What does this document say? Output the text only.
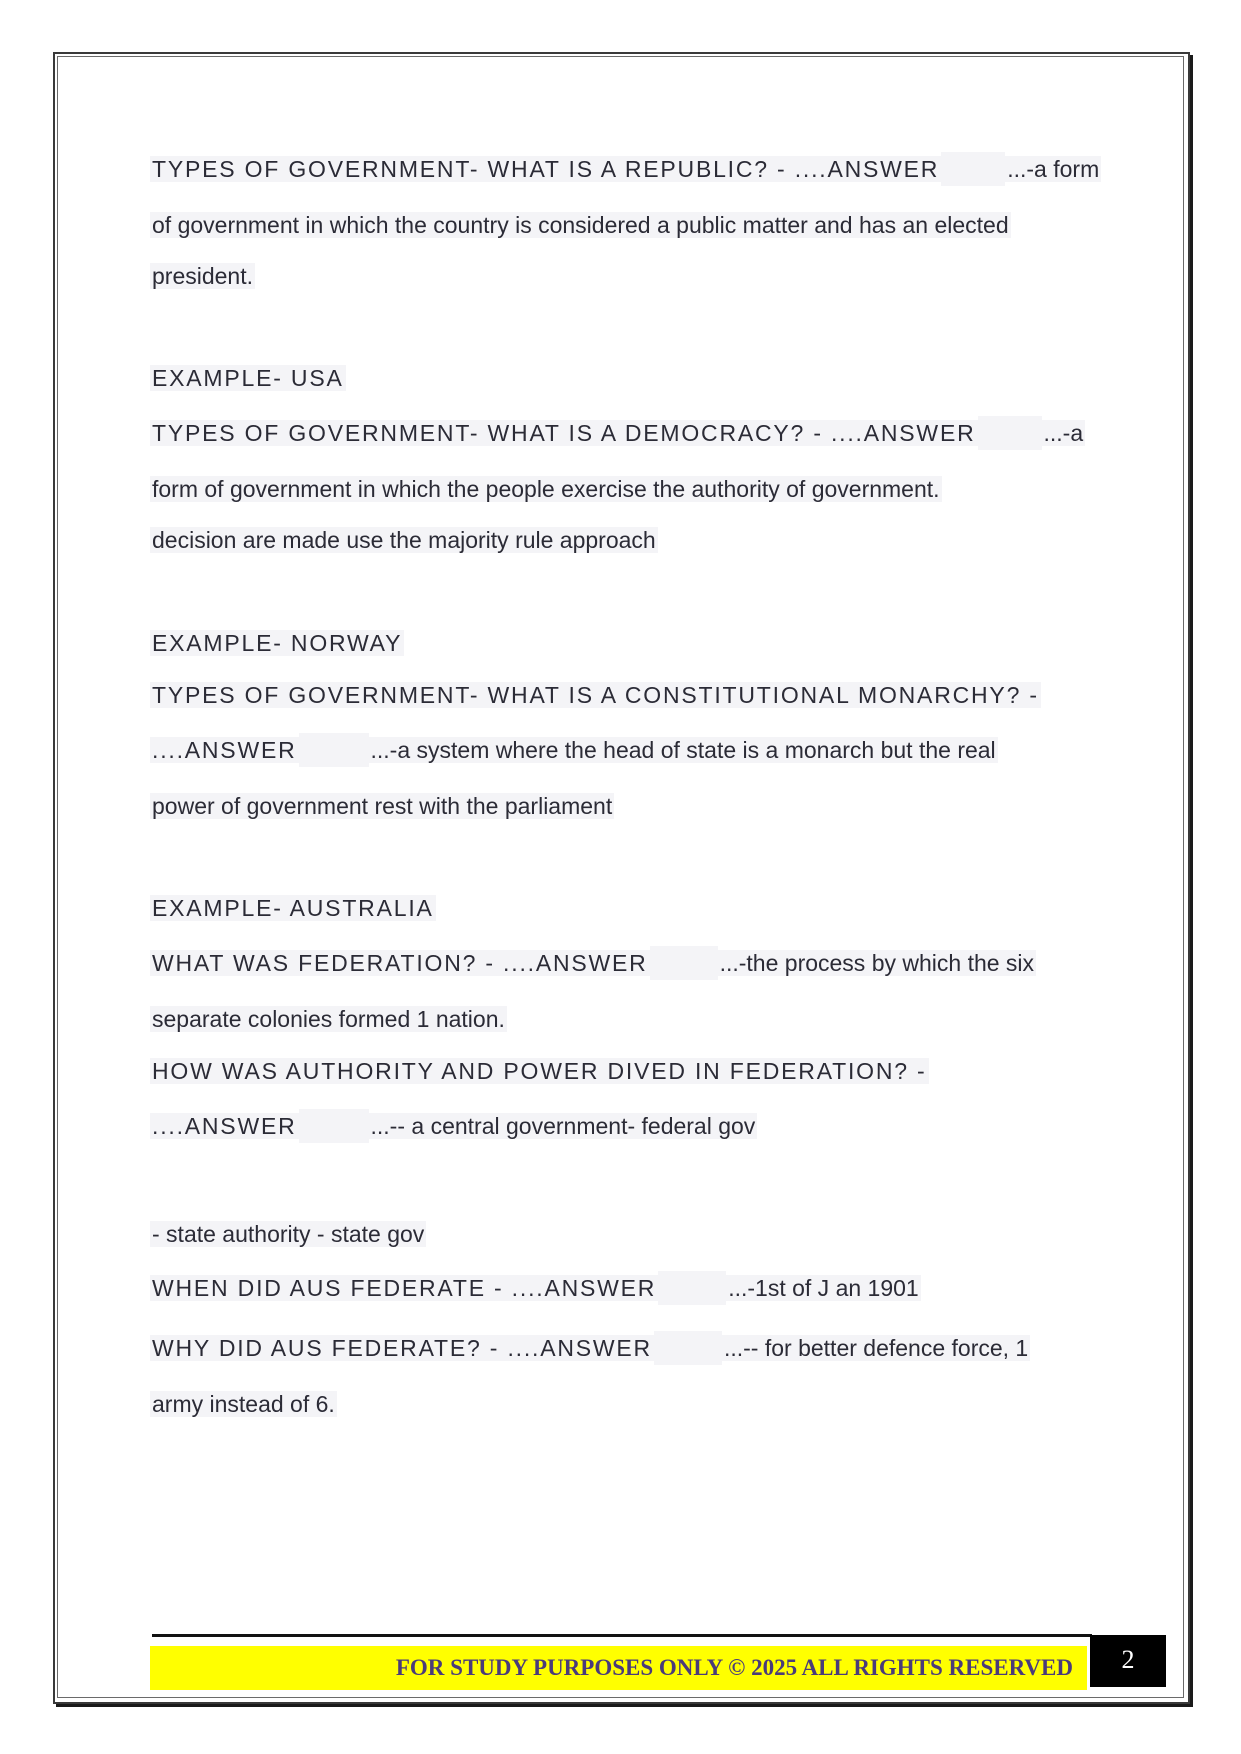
TYPES OF GOVERNMENT- WHAT IS A REPUBLIC? - ....ANSWER	...-a form
of government in which the country is considered a public matter and has an elected
president.
EXAMPLE- USA
TYPES OF GOVERNMENT- WHAT IS A DEMOCRACY? - ....ANSWER	...-a
form of government in which the people exercise the authority of government.
decision are made use the majority rule approach
EXAMPLE- NORWAY
TYPES OF GOVERNMENT- WHAT IS A CONSTITUTIONAL MONARCHY? -
....ANSWER	...-a system where the head of state is a monarch but the real
power of government rest with the parliament
EXAMPLE- AUSTRALIA
WHAT WAS FEDERATION? - ....ANSWER	...-the process by which the six
separate colonies formed 1 nation.
HOW WAS AUTHORITY AND POWER DIVED IN FEDERATION? -
....ANSWER	...-- a central government- federal gov
- state authority - state gov
WHEN DID AUS FEDERATE - ....ANSWER	...-1st of J an 1901
WHY DID AUS FEDERATE? - ....ANSWER	...-- for better defence force, 1
army instead of 6.
FOR STUDY PURPOSES ONLY © 2025 ALL RIGHTS RESERVED	2
